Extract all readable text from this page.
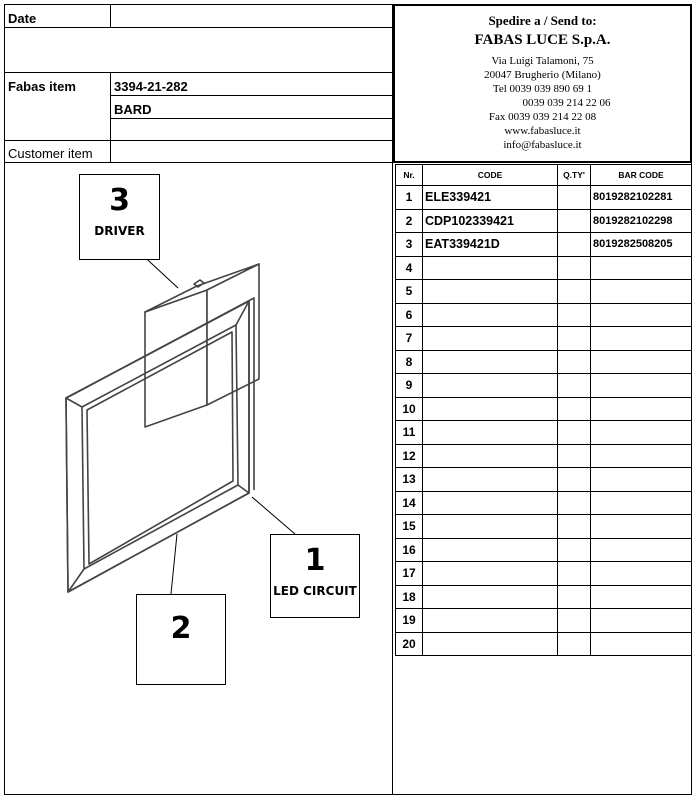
Date
Fabas item	3394-21-282
BARD
Customer item
Spedire a / Send to:
FABAS LUCE S.p.A.
Via Luigi Talamoni, 75
20047 Brugherio (Milano)
Tel 0039 039 890 69 1
0039 039 214 22 06
Fax 0039 039 214 22 08
www.fabasluce.it
info@fabasluce.it
Nr.	CODE	Q.TY'	BAR CODE
1	ELE339421		8019282102281
2	CDP102339421		8019282102298
3	EAT339421D		8019282508205
4			
5			
6			
7			
8			
9			
10			
11			
12			
13			
14			
15			
16			
17			
18			
19			
20			
3
DRIVER
1
LED CIRCUIT
2
